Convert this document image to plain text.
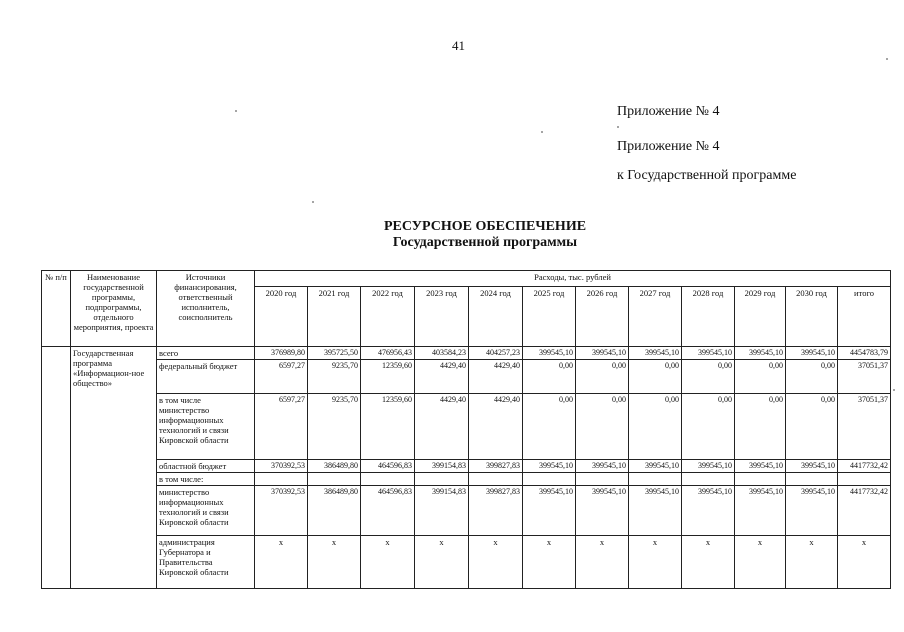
41
Приложение № 4
Приложение № 4
к Государственной программе
РЕСУРСНОЕ ОБЕСПЕЧЕНИЕ
Государственной программы
№ п/п	Наименование государственной программы, подпрограммы, отдельного мероприятия, проекта	Источники финансирования, ответственный исполнитель, соисполнитель	Расходы, тыс. рублей											
			2020 год	2021 год	2022 год	2023 год	2024 год	2025 год	2026 год	2027 год	2028 год	2029 год	2030 год	итого
	Государственная программа «Информацион-ное общество»	всего	376989,80	395725,50	476956,43	403584,23	404257,23	399545,10	399545,10	399545,10	399545,10	399545,10	399545,10	4454783,79
		федеральный бюджет	6597,27	9235,70	12359,60	4429,40	4429,40	0,00	0,00	0,00	0,00	0,00	0,00	37051,37
		в том числе министерство информационных технологий и связи Кировской области	6597,27	9235,70	12359,60	4429,40	4429,40	0,00	0,00	0,00	0,00	0,00	0,00	37051,37
		областной бюджет	370392,53	386489,80	464596,83	399154,83	399827,83	399545,10	399545,10	399545,10	399545,10	399545,10	399545,10	4417732,42
		в том числе:												
		министерство информационных технологий и связи Кировской области	370392,53	386489,80	464596,83	399154,83	399827,83	399545,10	399545,10	399545,10	399545,10	399545,10	399545,10	4417732,42
		администрация Губернатора и Правительства Кировской области	x	x	x	x	x	x	x	x	x	x	x	x
